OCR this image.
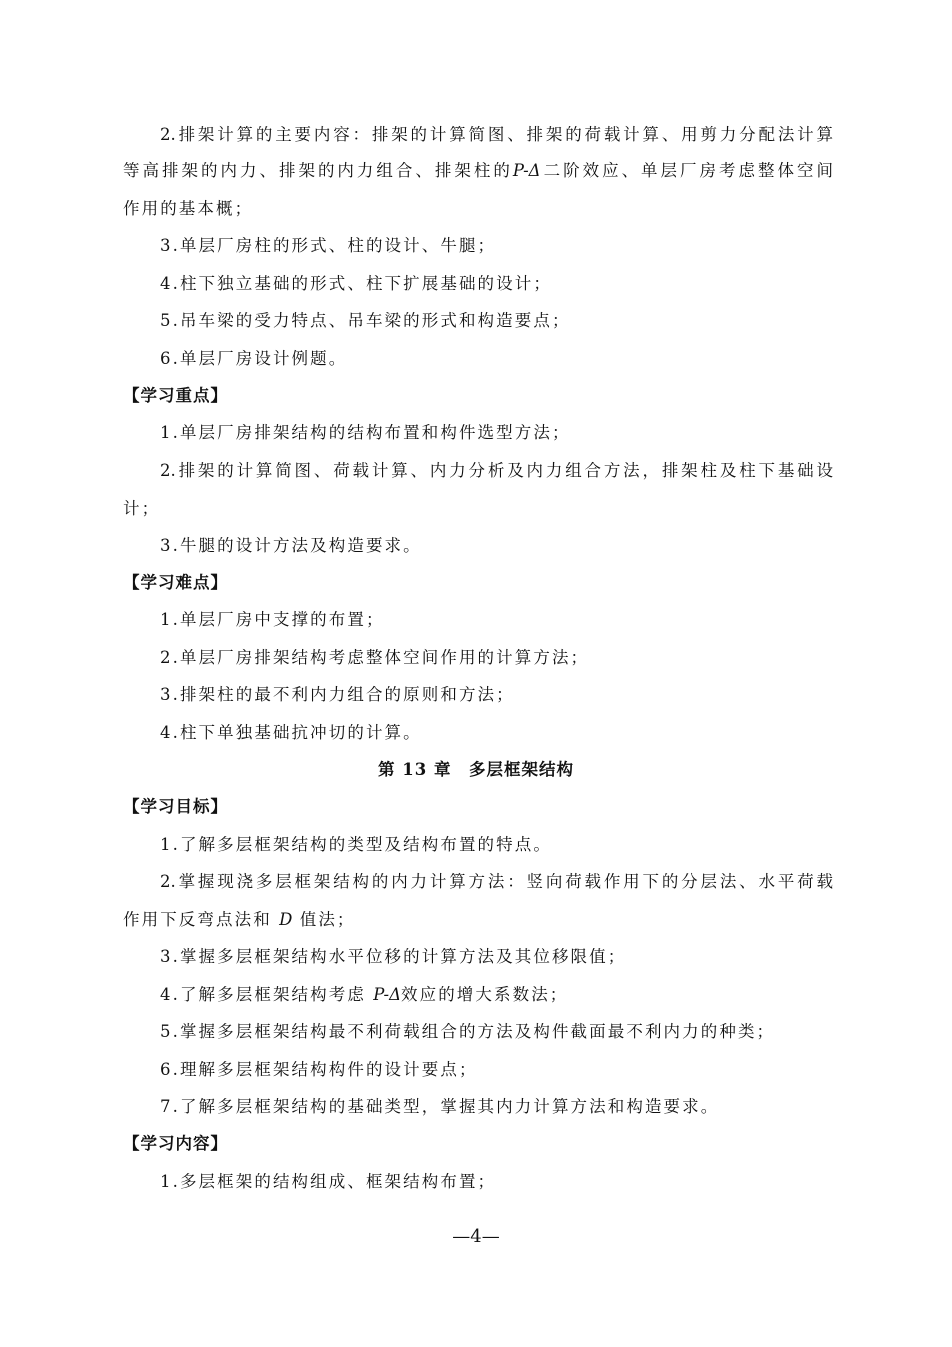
2.排架计算的主要内容：排架的计算简图、排架的荷载计算、用剪力分配法计算
等高排架的内力、排架的内力组合、排架柱的P-Δ二阶效应、单层厂房考虑整体空间
作用的基本概；
3.单层厂房柱的形式、柱的设计、牛腿；
4.柱下独立基础的形式、柱下扩展基础的设计；
5.吊车梁的受力特点、吊车梁的形式和构造要点；
6.单层厂房设计例题。
【学习重点】
1.单层厂房排架结构的结构布置和构件选型方法；
2.排架的计算简图、荷载计算、内力分析及内力组合方法，排架柱及柱下基础设
计；
3.牛腿的设计方法及构造要求。
【学习难点】
1.单层厂房中支撑的布置；
2.单层厂房排架结构考虑整体空间作用的计算方法；
3.排架柱的最不利内力组合的原则和方法；
4.柱下单独基础抗冲切的计算。
第 13 章　多层框架结构
【学习目标】
1.了解多层框架结构的类型及结构布置的特点。
2.掌握现浇多层框架结构的内力计算方法：竖向荷载作用下的分层法、水平荷载
作用下反弯点法和 D 值法；
3.掌握多层框架结构水平位移的计算方法及其位移限值；
4.了解多层框架结构考虑 P-Δ效应的增大系数法；
5.掌握多层框架结构最不利荷载组合的方法及构件截面最不利内力的种类；
6.理解多层框架结构构件的设计要点；
7.了解多层框架结构的基础类型，掌握其内力计算方法和构造要求。
【学习内容】
1.多层框架的结构组成、框架结构布置；
—4—
